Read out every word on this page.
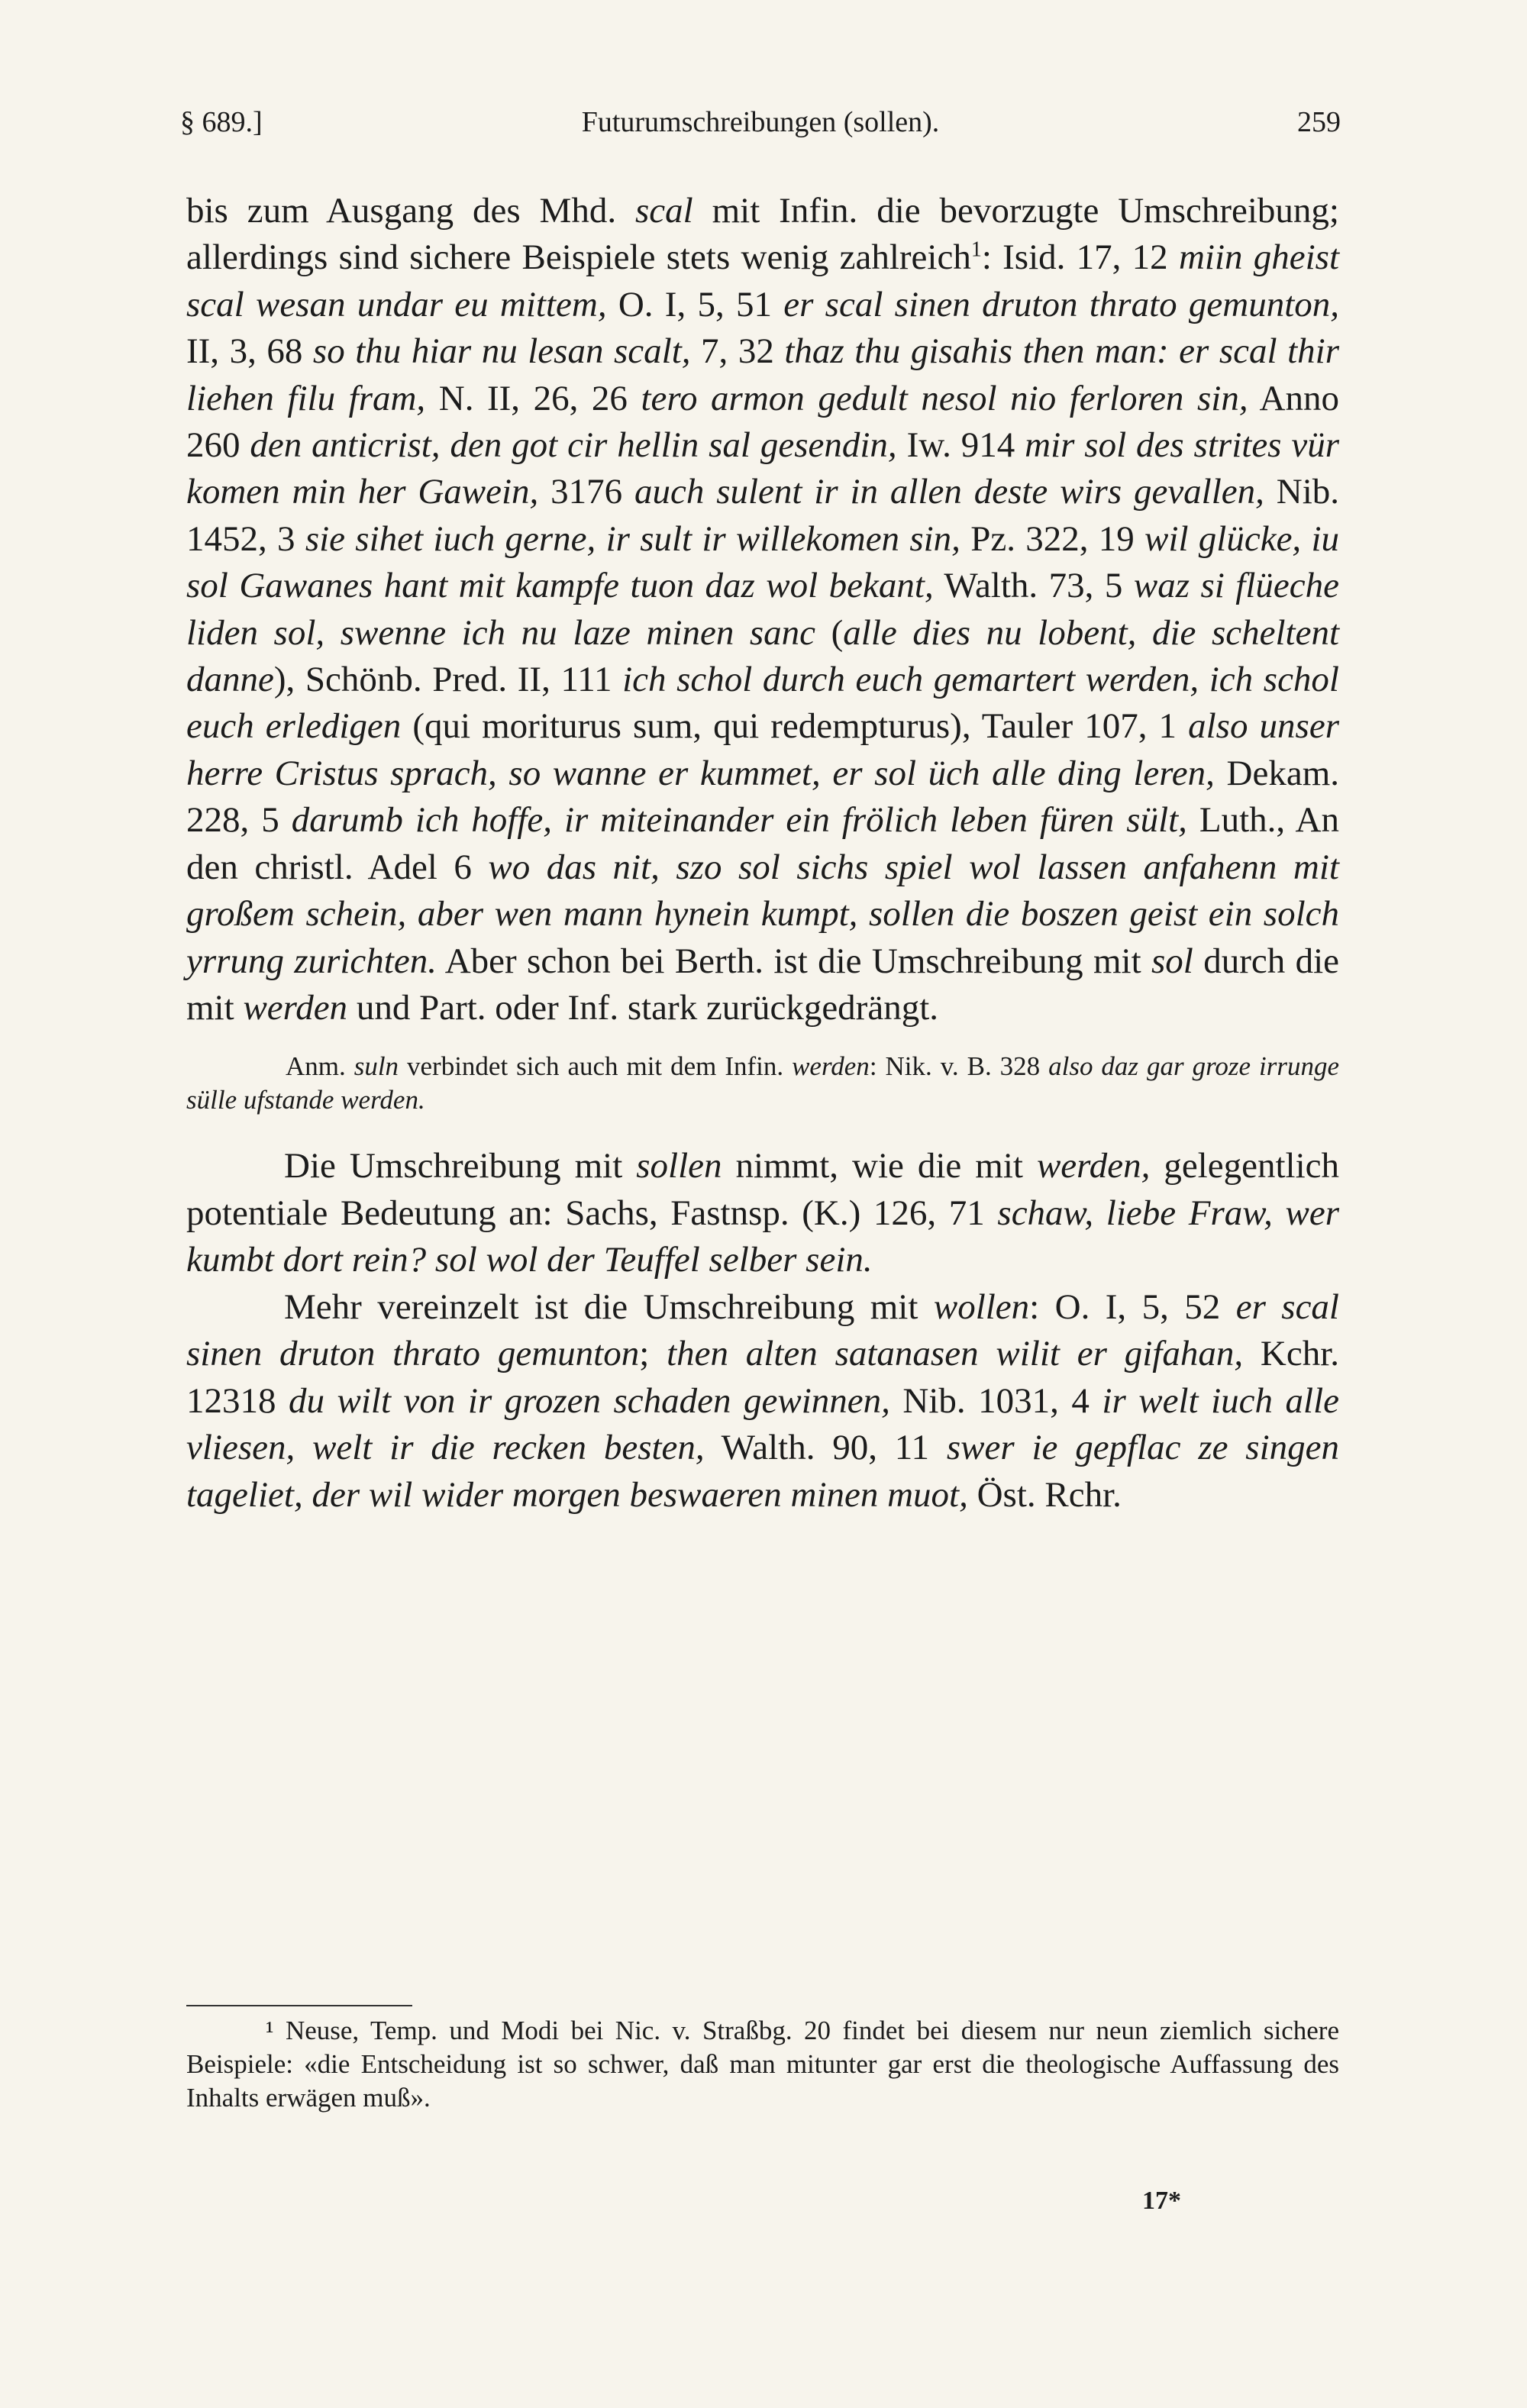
§ 689.]	Futurumschreibungen (sollen).	259

bis zum Ausgang des Mhd. scal mit Infin. die bevorzugte Umschreibung; allerdings sind sichere Beispiele stets wenig zahlreich$^1$: Isid. 17, 12 miin gheist scal wesan undar eu mittem, O. I, 5, 51 er scal sinen druton thrato gemunton, II, 3, 68 so thu hiar nu lesan scalt, 7, 32 thaz thu gisahis then man: er scal thir liehen filu fram, N. II, 26, 26 tero armon gedult nesol nio ferloren sin, Anno 260 den anticrist, den got cir hellin sal gesendin, Iw. 914 mir sol des strites vür komen min her Gawein, 3176 auch sulent ir in allen deste wirs gevallen, Nib. 1452, 3 sie sihet iuch gerne, ir sult ir willekomen sin, Pz. 322, 19 wil glücke, iu sol Gawanes hant mit kampfe tuon daz wol bekant, Walth. 73, 5 waz si flüeche liden sol, swenne ich nu laze minen sanc (alle dies nu lobent, die scheltent danne), Schönb. Pred. II, 111 ich schol durch euch gemartert werden, ich schol euch erledigen (qui moriturus sum, qui redempturus), Tauler 107, 1 also unser herre Cristus sprach, so wanne er kummet, er sol üch alle ding leren, Dekam. 228, 5 darumb ich hoffe, ir miteinander ein frölich leben füren sült, Luth., An den christl. Adel 6 wo das nit, szo sol sichs spiel wol lassen anfahenn mit großem schein, aber wen mann hynein kumpt, sollen die boszen geist ein solch yrrung zurichten. Aber schon bei Berth. ist die Umschreibung mit sol durch die mit werden und Part. oder Inf. stark zurückgedrängt.

Anm. suln verbindet sich auch mit dem Infin. werden: Nik. v. B. 328 also daz gar groze irrunge sülle ufstande werden.

Die Umschreibung mit sollen nimmt, wie die mit werden, gelegentlich potentiale Bedeutung an: Sachs, Fastnsp. (K.) 126, 71 schaw, liebe Fraw, wer kumbt dort rein? sol wol der Teuffel selber sein.

Mehr vereinzelt ist die Umschreibung mit wollen: O. I, 5, 52 er scal sinen druton thrato gemunton; then alten satanasen wilit er gifahan, Kchr. 12318 du wilt von ir grozen schaden gewinnen, Nib. 1031, 4 ir welt iuch alle vliesen, welt ir die recken besten, Walth. 90, 11 swer ie gepflac ze singen tageliet, der wil wider morgen beswaeren minen muot, Öst. Rchr.

¹ Neuse, Temp. und Modi bei Nic. v. Straßbg. 20 findet bei diesem nur neun ziemlich sichere Beispiele: «die Entscheidung ist so schwer, daß man mitunter gar erst die theologische Auffassung des Inhalts erwägen muß».

17*
